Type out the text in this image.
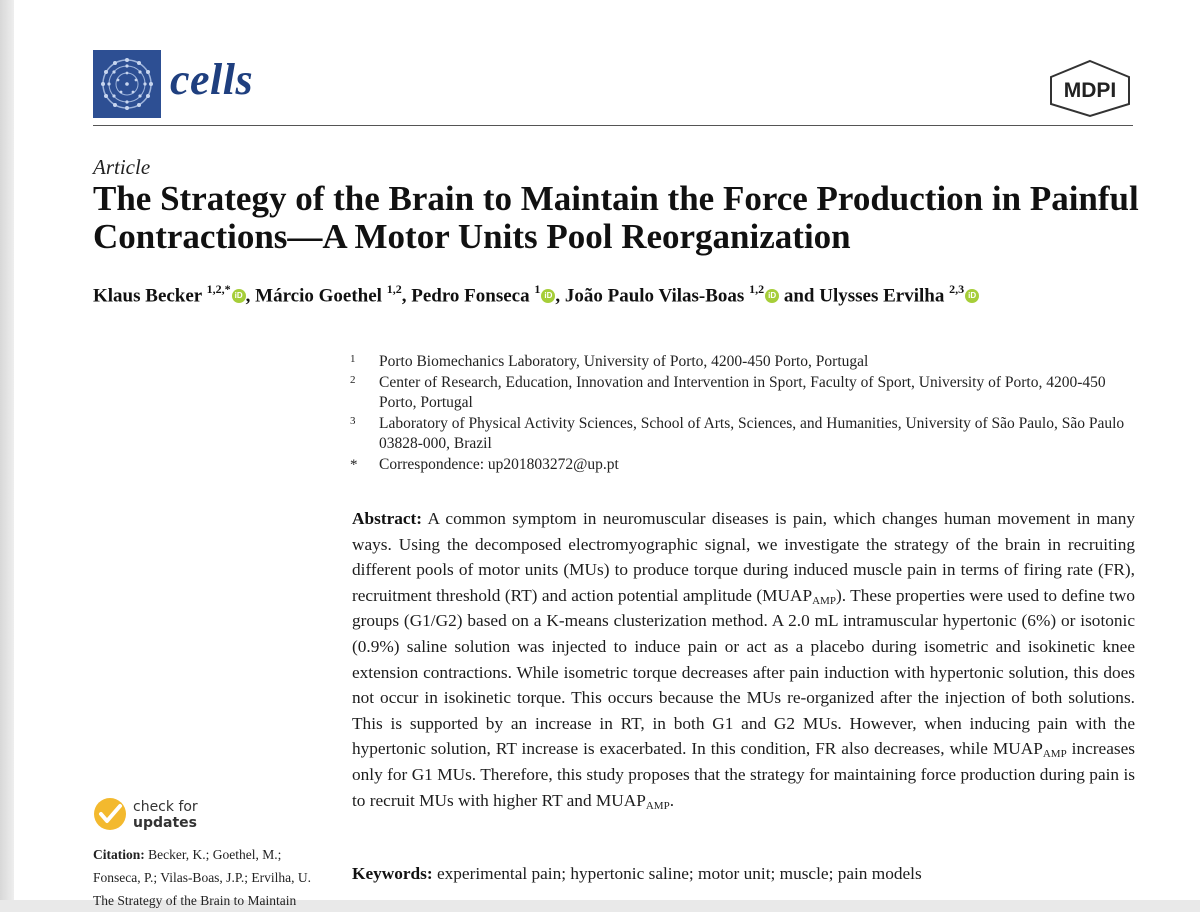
cells	MDPI
Article
The Strategy of the Brain to Maintain the Force Production in Painful Contractions—A Motor Units Pool Reorganization
Klaus Becker $^{1,2,*}$ iD , Márcio Goethel $^{1,2}$, Pedro Fonseca $^1$ iD , João Paulo Vilas-Boas $^{1,2}$ iD and Ulysses Ervilha $^{2,3}$ iD
1 Porto Biomechanics Laboratory, University of Porto, 4200-450 Porto, Portugal
2 Center of Research, Education, Innovation and Intervention in Sport, Faculty of Sport, University of Porto, 4200-450 Porto, Portugal
3 Laboratory of Physical Activity Sciences, School of Arts, Sciences, and Humanities, University of São Paulo, São Paulo 03828-000, Brazil
* Correspondence: up201803272@up.pt

Abstract: A common symptom in neuromuscular diseases is pain, which changes human movement in many ways. Using the decomposed electromyographic signal, we investigate the strategy of the brain in recruiting different pools of motor units (MUs) to produce torque during induced muscle pain in terms of firing rate (FR), recruitment threshold (RT) and action potential amplitude $(MUAP_{AMP})$. These properties were used to define two groups (G1/G2) based on a K-means clusterization method. A 2.0 mL intramuscular hypertonic (6%) or isotonic (0.9%) saline solution was injected to induce pain or act as a placebo during isometric and isokinetic knee extension contractions. While isometric torque decreases after pain induction with hypertonic solution, this does not occur in isokinetic torque. This occurs because the MUs re-organized after the injection of both solutions. This is supported by an increase in RT, in both G1 and G2 MUs. However, when inducing pain with the hypertonic solution, RT increase is exacerbated. In this condition, FR also decreases, while $MUAP_{AMP}$ increases only for G1 MUs. Therefore, this study proposes that the strategy for maintaining force production during pain is to recruit MUs with higher RT and $MUAP_{AMP}$.

Keywords: experimental pain; hypertonic saline; motor unit; muscle; pain models
check for
updates
Citation: Becker, K.; Goethel, M.; Fonseca, P.; Vilas-Boas, J.P.; Ervilha, U. The Strategy of the Brain to Maintain
